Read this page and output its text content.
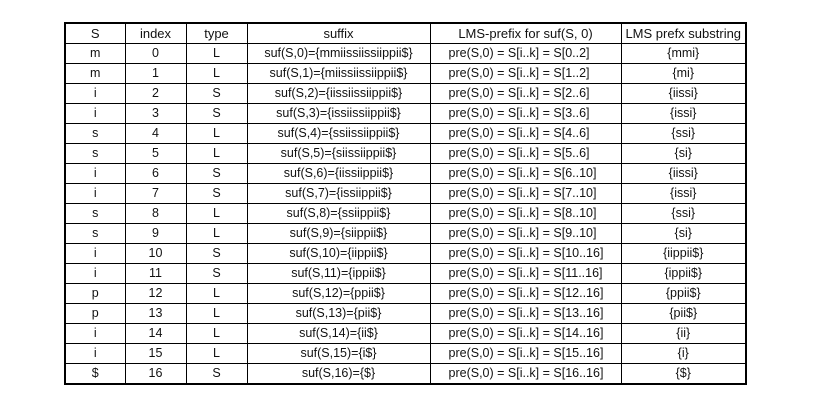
S	index	type	suffix	LMS-prefix for suf(S, 0)	LMS prefx substring
m	0	L	suf(S,0)={mmiissiissiippii$}	pre(S,0) = S[i..k] = S[0..2]	{mmi}
m	1	L	suf(S,1)={miissiissiippii$}	pre(S,0) = S[i..k] = S[1..2]	{mi}
i	2	S	suf(S,2)={iissiissiippii$}	pre(S,0) = S[i..k] = S[2..6]	{iissi}
i	3	S	suf(S,3)={issiissiippii$}	pre(S,0) = S[i..k] = S[3..6]	{issi}
s	4	L	suf(S,4)={ssiissiippii$}	pre(S,0) = S[i..k] = S[4..6]	{ssi}
s	5	L	suf(S,5)={siissiippii$}	pre(S,0) = S[i..k] = S[5..6]	{si}
i	6	S	suf(S,6)={iissiippii$}	pre(S,0) = S[i..k] = S[6..10]	{iissi}
i	7	S	suf(S,7)={issiippii$}	pre(S,0) = S[i..k] = S[7..10]	{issi}
s	8	L	suf(S,8)={ssiippii$}	pre(S,0) = S[i..k] = S[8..10]	{ssi}
s	9	L	suf(S,9)={siippii$}	pre(S,0) = S[i..k] = S[9..10]	{si}
i	10	S	suf(S,10)={iippii$}	pre(S,0) = S[i..k] = S[10..16]	{iippii$}
i	11	S	suf(S,11)={ippii$}	pre(S,0) = S[i..k] = S[11..16]	{ippii$}
p	12	L	suf(S,12)={ppii$}	pre(S,0) = S[i..k] = S[12..16]	{ppii$}
p	13	L	suf(S,13)={pii$}	pre(S,0) = S[i..k] = S[13..16]	{pii$}
i	14	L	suf(S,14)={ii$}	pre(S,0) = S[i..k] = S[14..16]	{ii}
i	15	L	suf(S,15)={i$}	pre(S,0) = S[i..k] = S[15..16]	{i}
$	16	S	suf(S,16)={$}	pre(S,0) = S[i..k] = S[16..16]	{$}
